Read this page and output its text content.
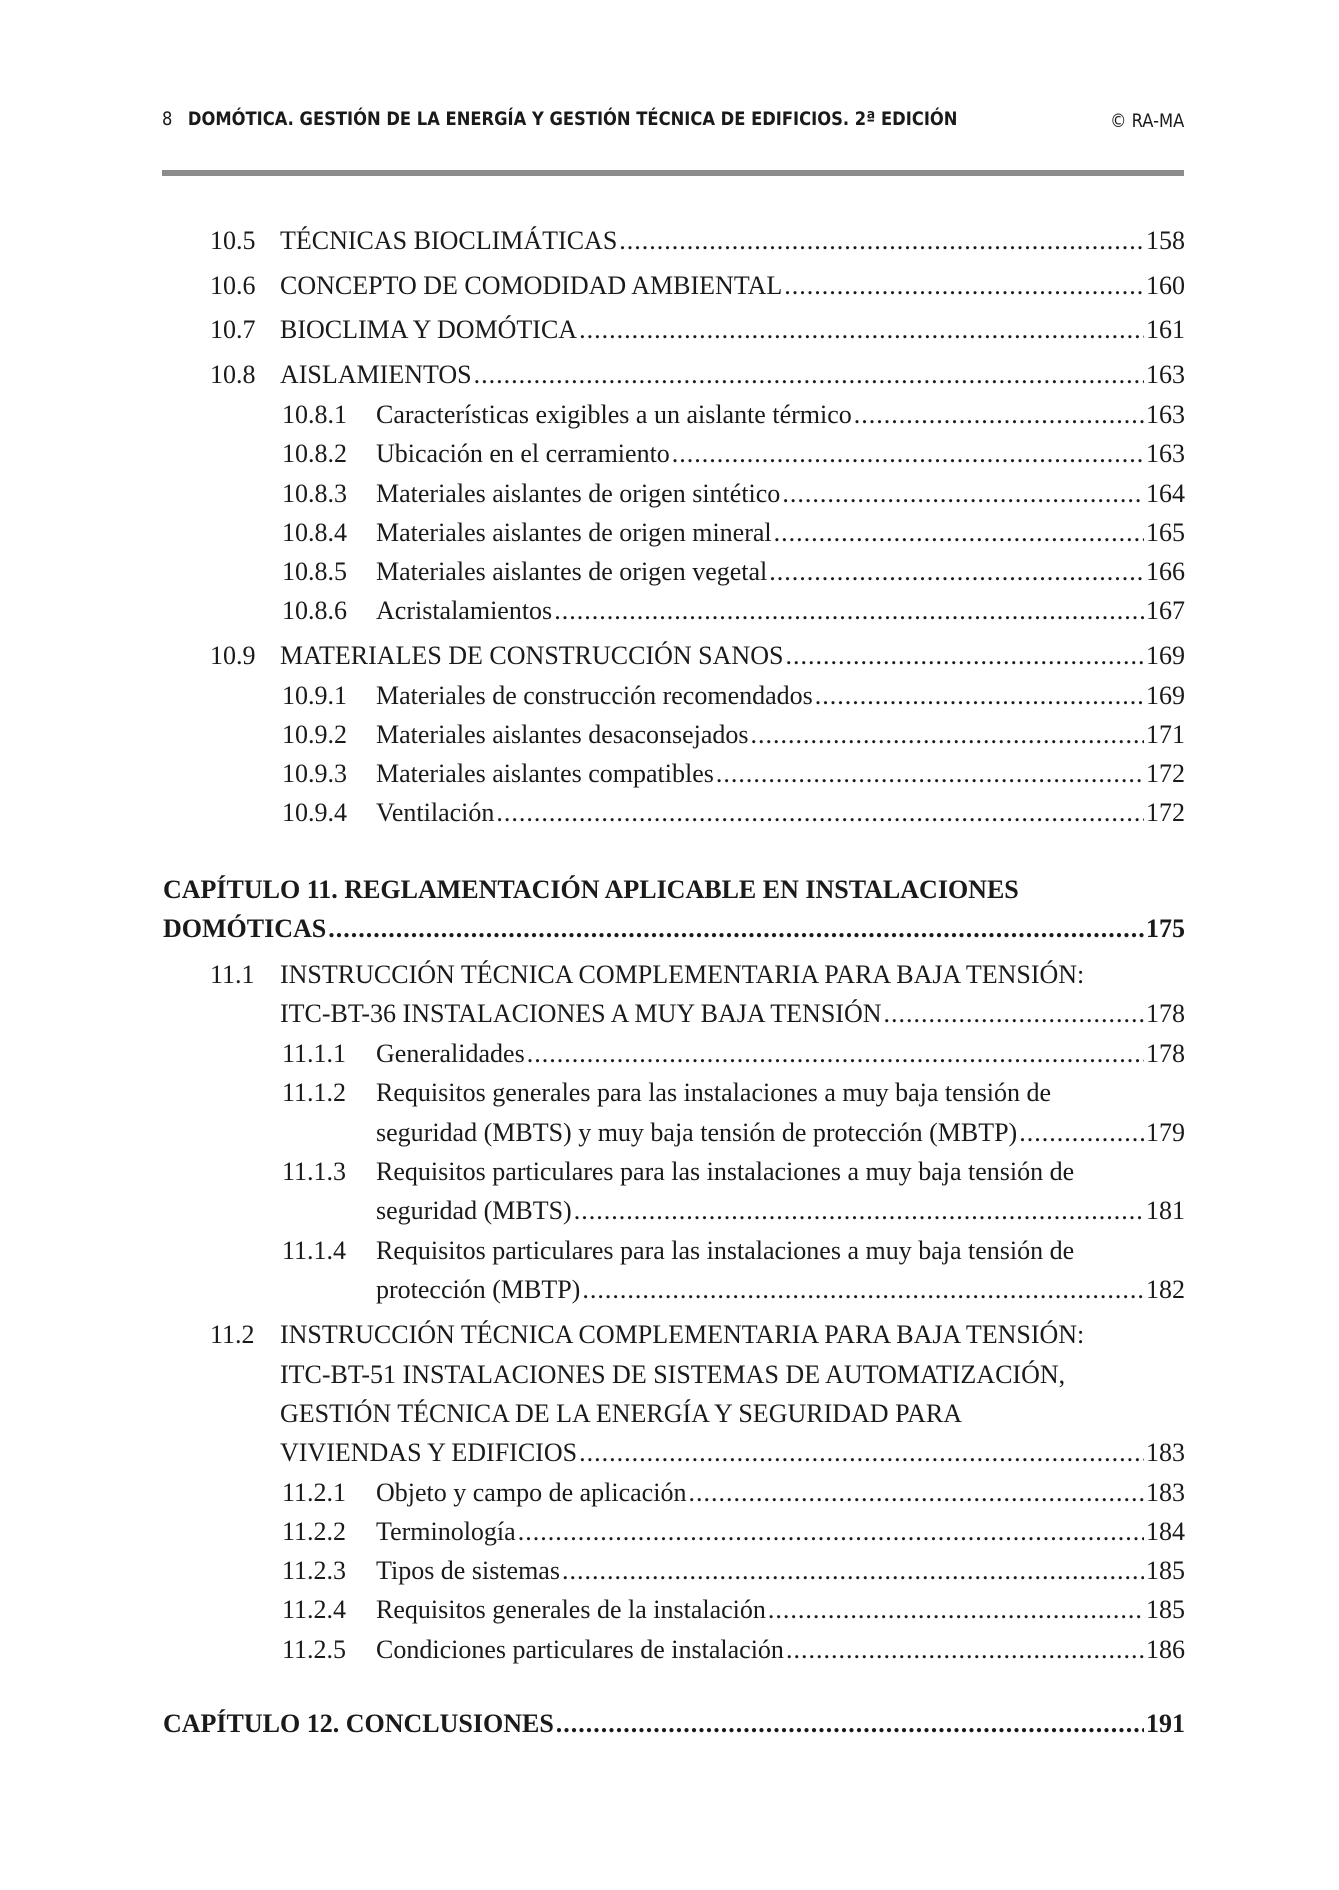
8 DOMÓTICA. GESTIÓN DE LA ENERGÍA Y GESTIÓN TÉCNICA DE EDIFICIOS. 2ª EDICIÓN	© RA-MA
10.5 TÉCNICAS BIOCLIMÁTICAS .....	158
10.6 CONCEPTO DE COMODIDAD AMBIENTAL .....	160
10.7 BIOCLIMA Y DOMÓTICA .....	161
10.8 AISLAMIENTOS .....	163
10.8.1 Características exigibles a un aislante térmico .....	163
10.8.2 Ubicación en el cerramiento .....	163
10.8.3 Materiales aislantes de origen sintético .....	164
10.8.4 Materiales aislantes de origen mineral .....	165
10.8.5 Materiales aislantes de origen vegetal .....	166
10.8.6 Acristalamientos .....	167
10.9 MATERIALES DE CONSTRUCCIÓN SANOS .....	169
10.9.1 Materiales de construcción recomendados .....	169
10.9.2 Materiales aislantes desaconsejados .....	171
10.9.3 Materiales aislantes compatibles .....	172
10.9.4 Ventilación .....	172
CAPÍTULO 11. REGLAMENTACIÓN APLICABLE EN INSTALACIONES
DOMÓTICAS .....	175
11.1 INSTRUCCIÓN TÉCNICA COMPLEMENTARIA PARA BAJA TENSIÓN:
ITC-BT-36 INSTALACIONES A MUY BAJA TENSIÓN .....	178
11.1.1 Generalidades .....	178
11.1.2 Requisitos generales para las instalaciones a muy baja tensión de
seguridad (MBTS) y muy baja tensión de protección (MBTP) .....	179
11.1.3 Requisitos particulares para las instalaciones a muy baja tensión de
seguridad (MBTS) .....	181
11.1.4 Requisitos particulares para las instalaciones a muy baja tensión de
protección (MBTP) .....	182
11.2 INSTRUCCIÓN TÉCNICA COMPLEMENTARIA PARA BAJA TENSIÓN:
ITC-BT-51 INSTALACIONES DE SISTEMAS DE AUTOMATIZACIÓN,
GESTIÓN TÉCNICA DE LA ENERGÍA Y SEGURIDAD PARA
VIVIENDAS Y EDIFICIOS .....	183
11.2.1 Objeto y campo de aplicación .....	183
11.2.2 Terminología .....	184
11.2.3 Tipos de sistemas .....	185
11.2.4 Requisitos generales de la instalación .....	185
11.2.5 Condiciones particulares de instalación .....	186
CAPÍTULO 12. CONCLUSIONES .....	191
